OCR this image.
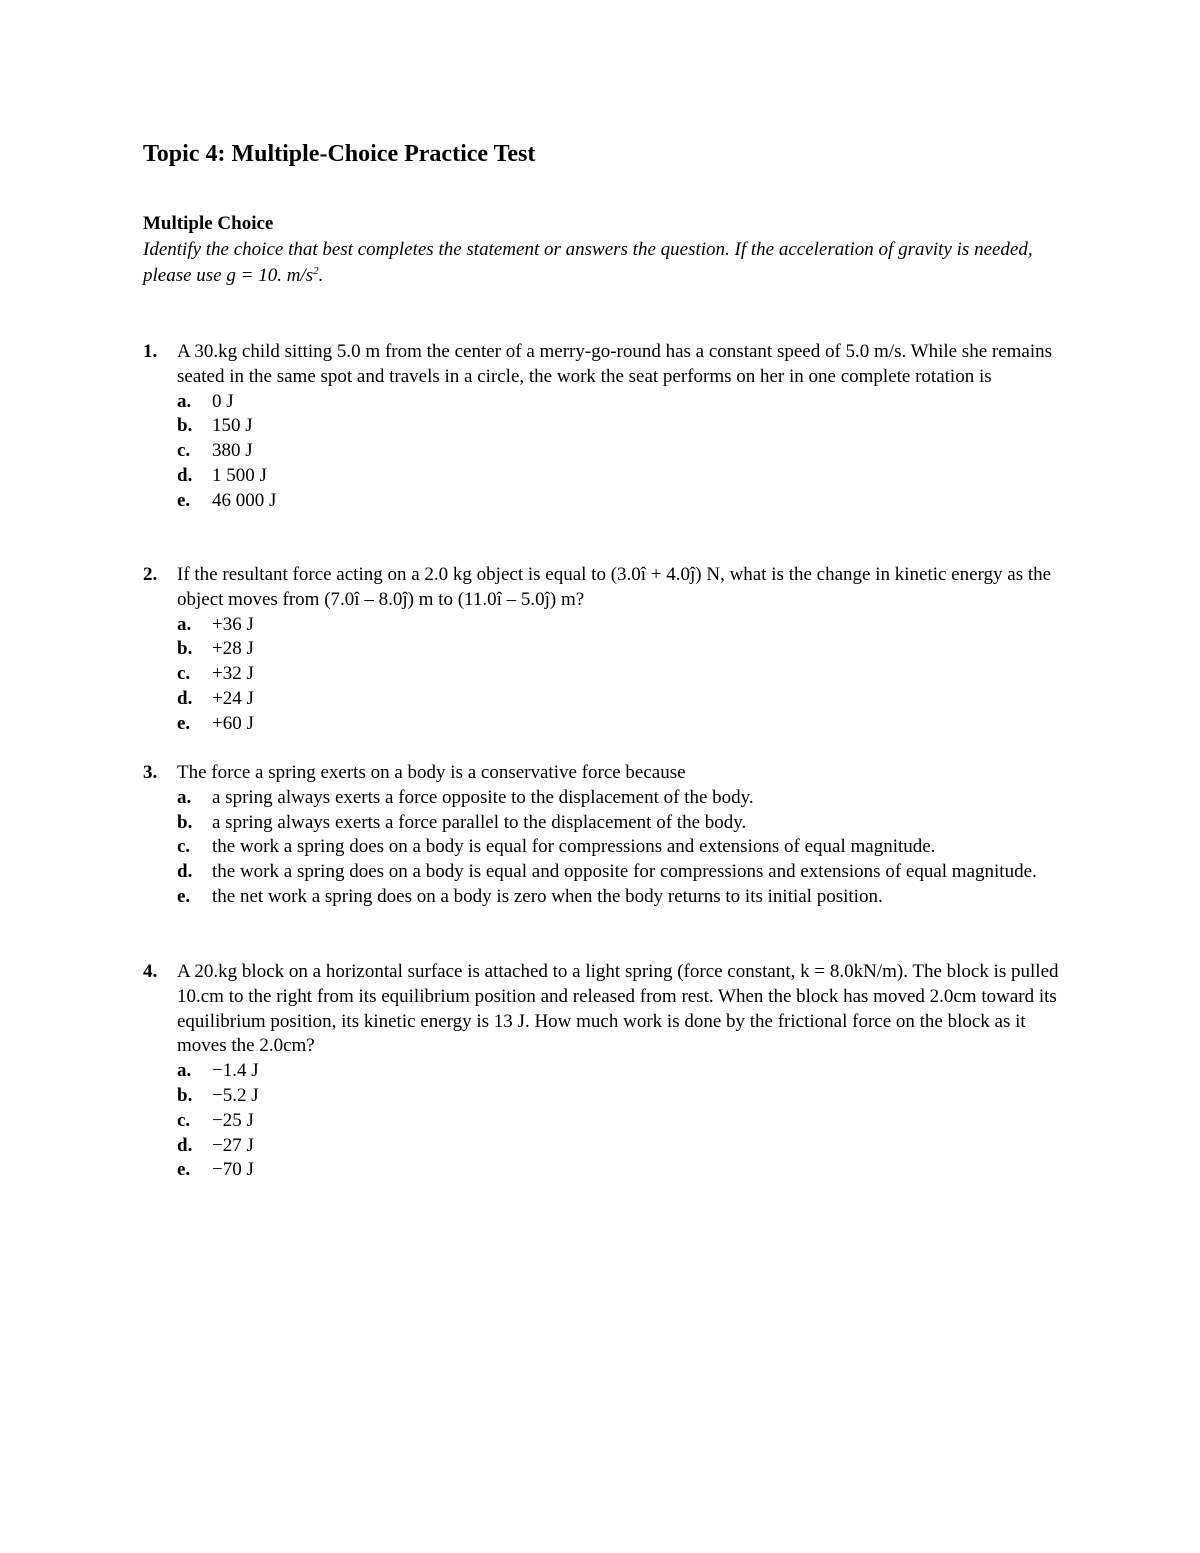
Topic 4: Multiple-Choice Practice Test
Multiple Choice
Identify the choice that best completes the statement or answers the question. If the acceleration of gravity is needed, please use g = 10. $m/s^2$.
1. A 30.kg child sitting 5.0 m from the center of a merry-go-round has a constant speed of 5.0 m/s. While she remains seated in the same spot and travels in a circle, the work the seat performs on her in one complete rotation is
a. 0 J
b. 150 J
c. 380 J
d. 1 500 J
e. 46 000 J
2. If the resultant force acting on a 2.0 kg object is equal to (3.0î + 4.0ĵ) N, what is the change in kinetic energy as the object moves from (7.0î – 8.0ĵ) m to (11.0î – 5.0ĵ) m?
a. +36 J
b. +28 J
c. +32 J
d. +24 J
e. +60 J
3. The force a spring exerts on a body is a conservative force because
a. a spring always exerts a force opposite to the displacement of the body.
b. a spring always exerts a force parallel to the displacement of the body.
c. the work a spring does on a body is equal for compressions and extensions of equal magnitude.
d. the work a spring does on a body is equal and opposite for compressions and extensions of equal magnitude.
e. the net work a spring does on a body is zero when the body returns to its initial position.
4. A 20.kg block on a horizontal surface is attached to a light spring (force constant, k = 8.0kN/m). The block is pulled 10.cm to the right from its equilibrium position and released from rest. When the block has moved 2.0cm toward its equilibrium position, its kinetic energy is 13 J. How much work is done by the frictional force on the block as it moves the 2.0cm?
a. −1.4 J
b. −5.2 J
c. −25 J
d. −27 J
e. −70 J
